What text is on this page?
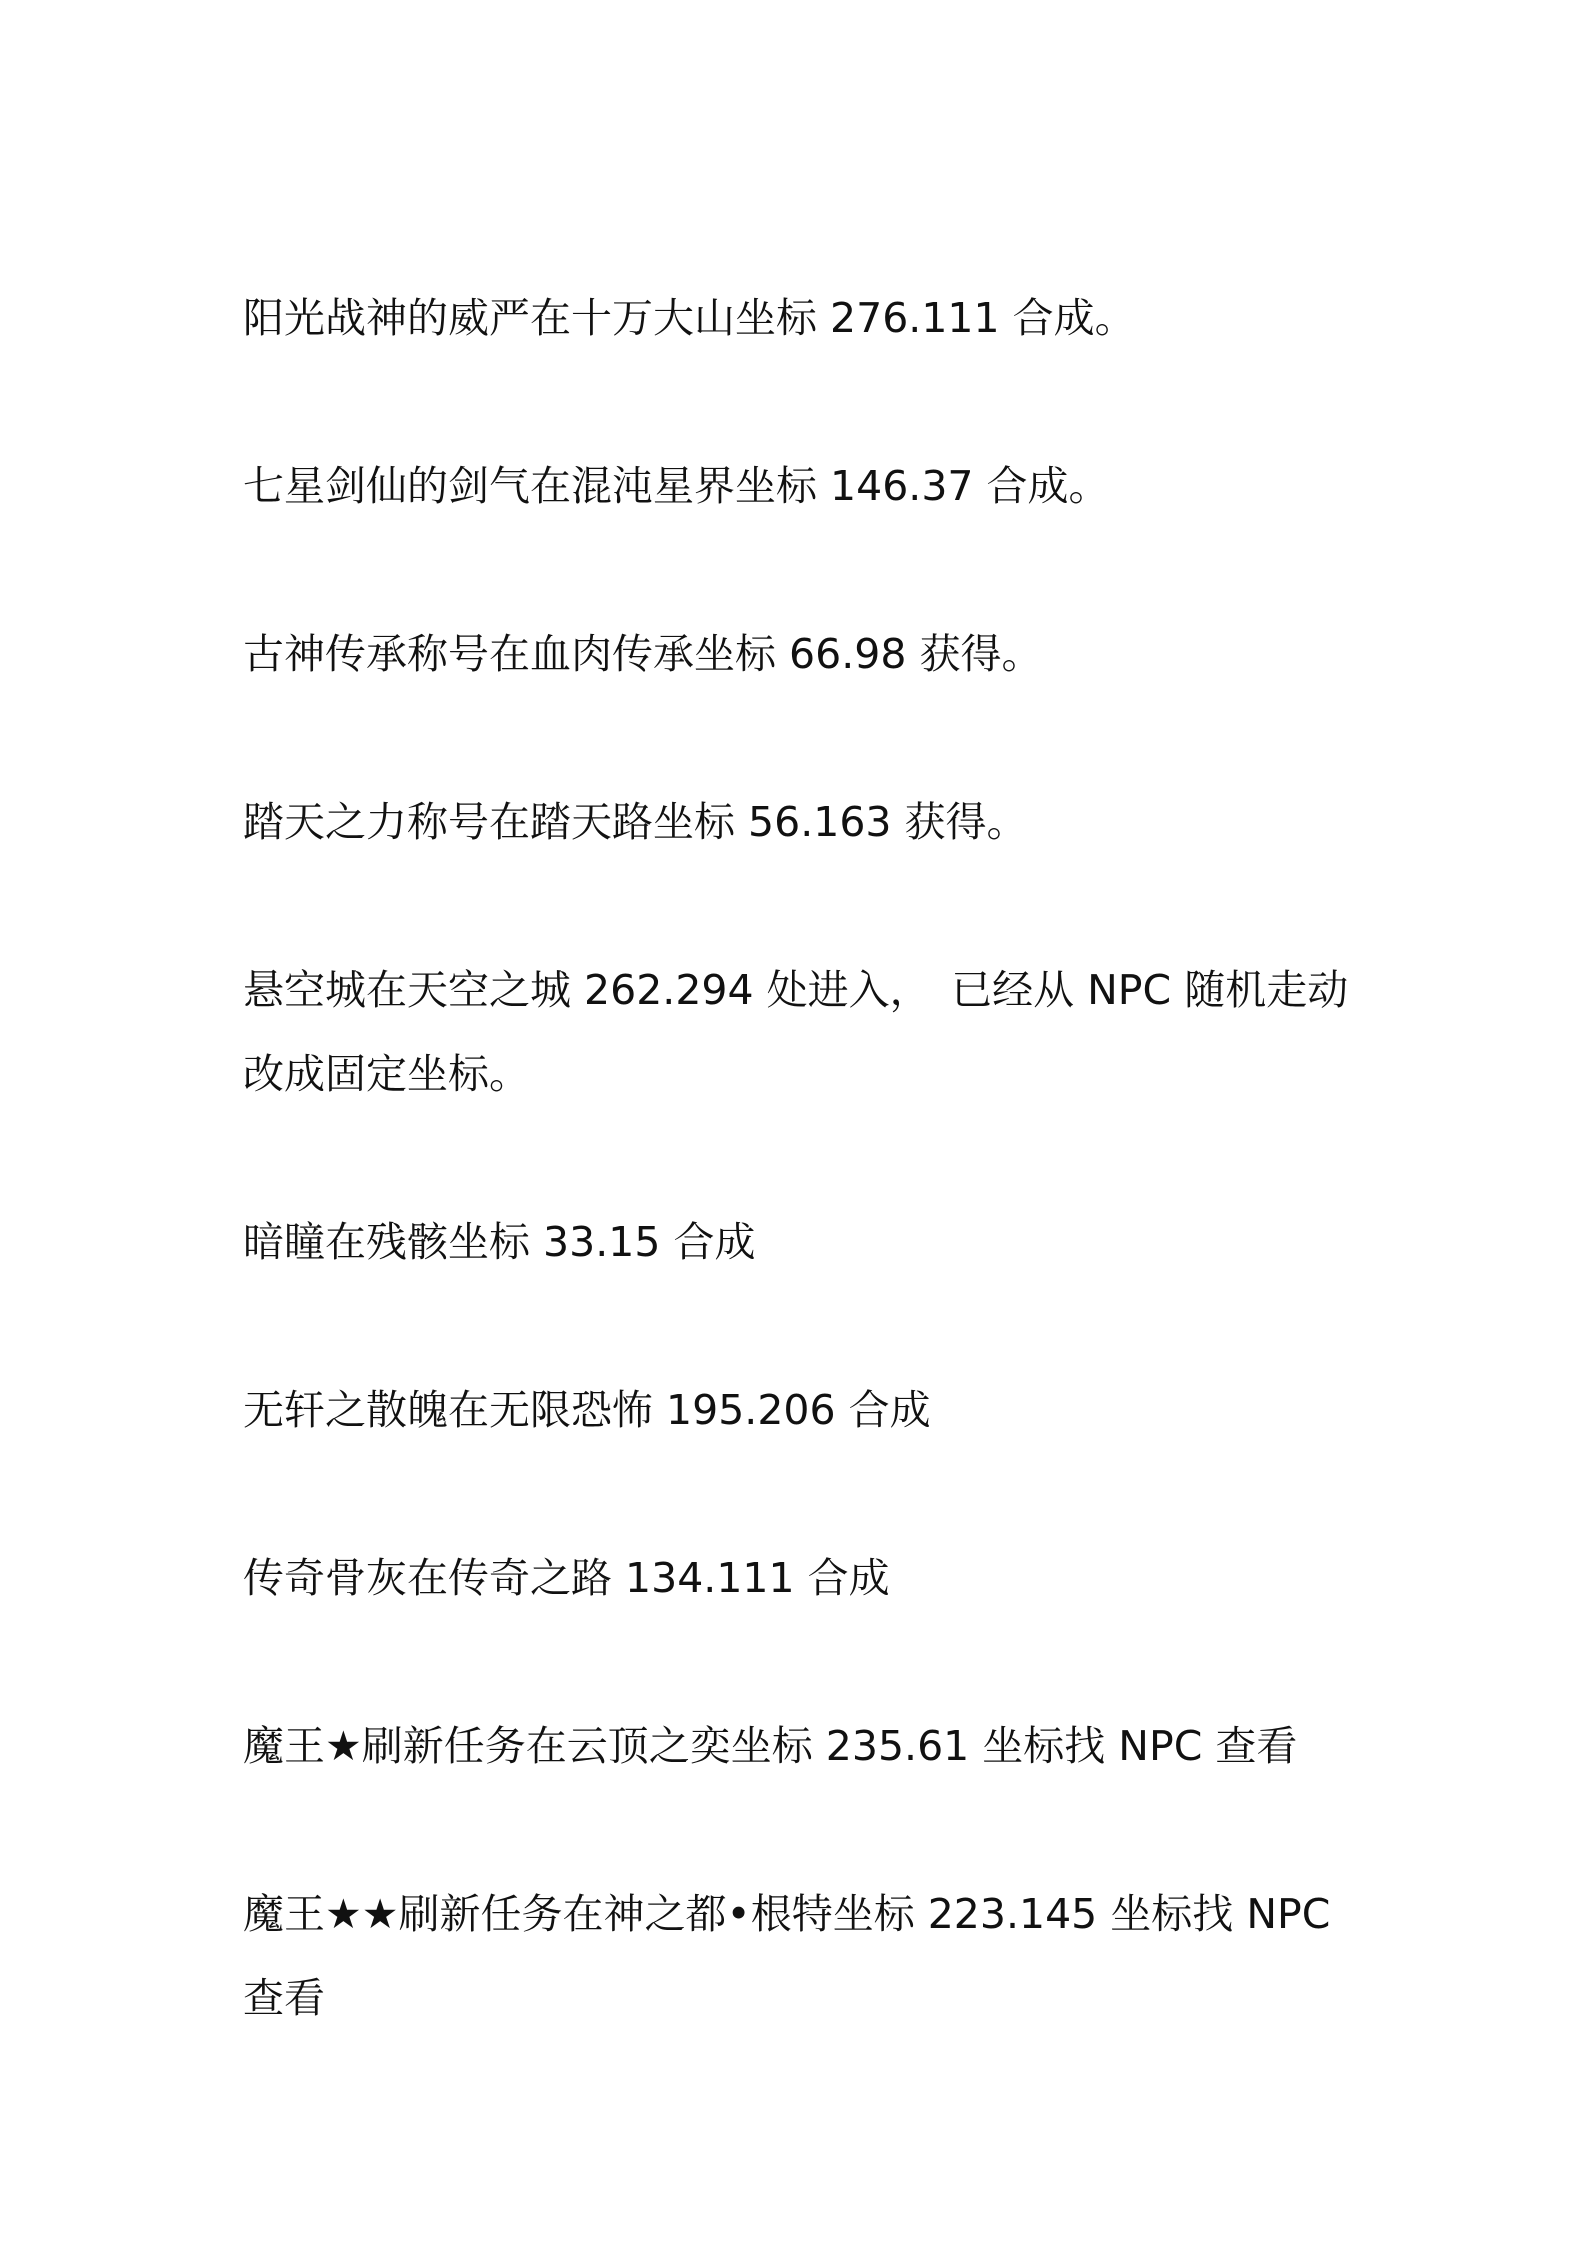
阳光战神的威严在十万大山坐标 276.111 合成。

七星剑仙的剑气在混沌星界坐标 146.37 合成。

古神传承称号在血肉传承坐标 66.98 获得。

踏天之力称号在踏天路坐标 56.163 获得。

悬空城在天空之城 262.294 处进入，　已经从 NPC 随机走动改成固定坐标。

暗瞳在残骸坐标 33.15 合成

无轩之散魄在无限恐怖 195.206 合成

传奇骨灰在传奇之路 134.111 合成

魔王★刷新任务在云顶之奕坐标 235.61 坐标找 NPC 查看

魔王★★刷新任务在神之都•根特坐标 223.145 坐标找 NPC 查看
